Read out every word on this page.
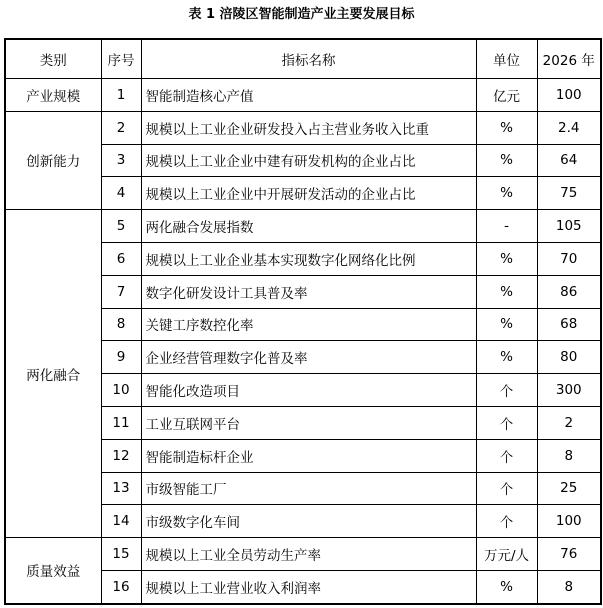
表 1 涪陵区智能制造产业主要发展目标
类别	序号	指标名称	单位	2026 年
产业规模	1	智能制造核心产值	亿元	100
创新能力	2	规模以上工业企业研发投入占主营业务收入比重	%	2.4
	3	规模以上工业企业中建有研发机构的企业占比	%	64
	4	规模以上工业企业中开展研发活动的企业占比	%	75
两化融合	5	两化融合发展指数	-	105
	6	规模以上工业企业基本实现数字化网络化比例	%	70
	7	数字化研发设计工具普及率	%	86
	8	关键工序数控化率	%	68
	9	企业经营管理数字化普及率	%	80
	10	智能化改造项目	个	300
	11	工业互联网平台	个	2
	12	智能制造标杆企业	个	8
	13	市级智能工厂	个	25
	14	市级数字化车间	个	100
质量效益	15	规模以上工业全员劳动生产率	万元/人	76
	16	规模以上工业营业收入利润率	%	8
